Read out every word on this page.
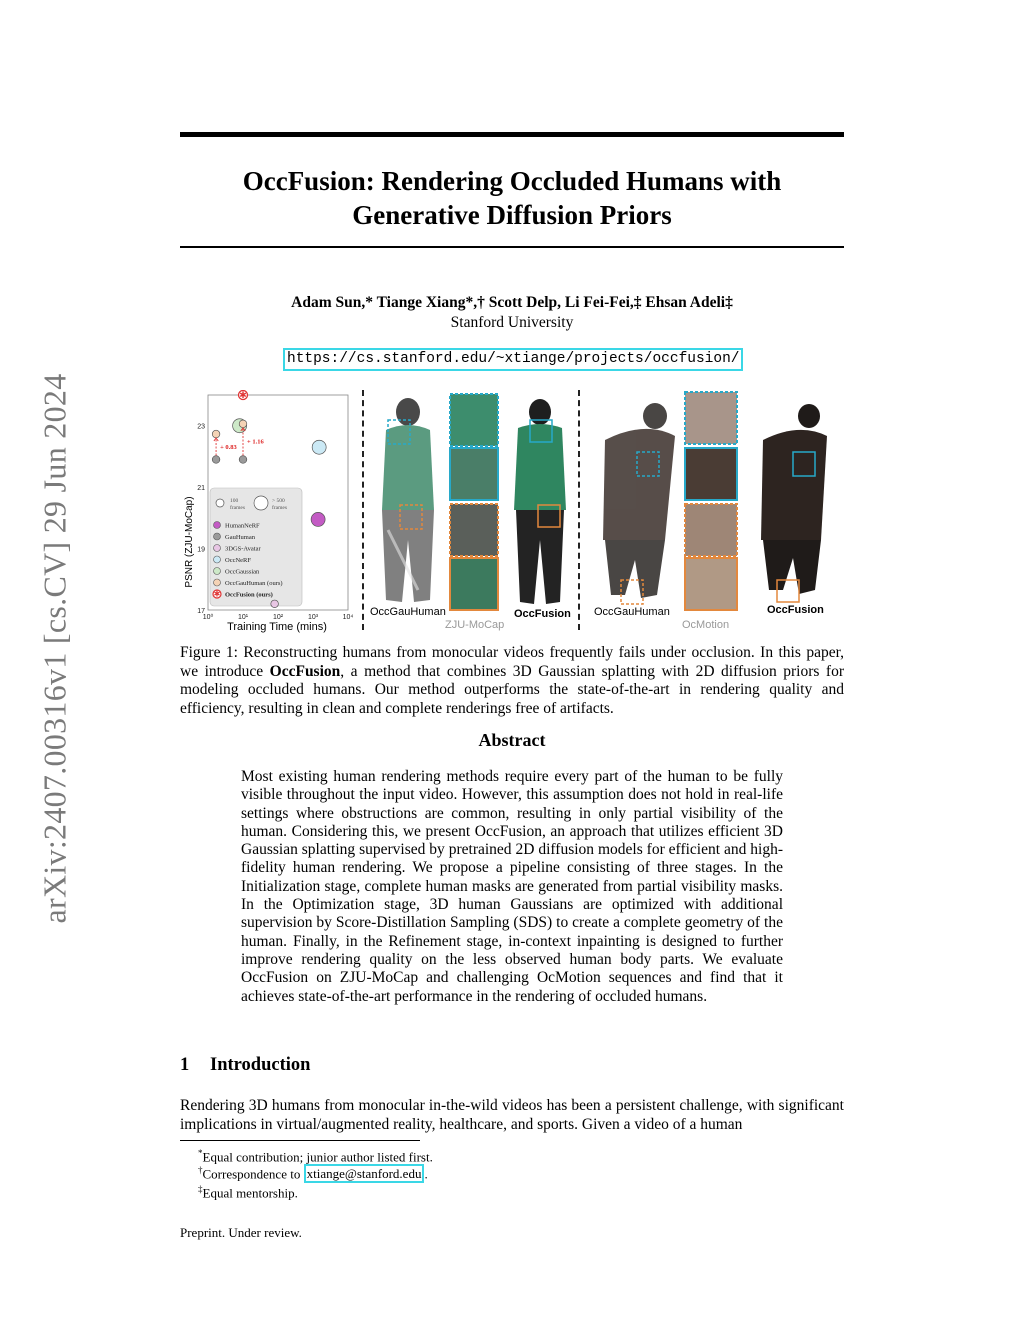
arXiv:2407.00316v1 [cs.CV] 29 Jun 2024
OccFusion: Rendering Occluded Humans with
Generative Diffusion Priors
Adam Sun,* Tiange Xiang*,† Scott Delp, Li Fei-Fei,‡ Ehsan Adeli‡
Stanford University
https://cs.stanford.edu/~xtiange/projects/occfusion/
PSNR (ZJU-MoCap)
Training Time (mins)
10⁰	10¹	10²	10³	10⁴
17
19
21
23
100
frames
> 500
frames
HumanNeRF
GauHuman
3DGS-Avatar
OccNeRF
OccGaussian
OccGauHuman (ours)
✱ OccFusion (ours)
✱
+ 0.83
+ 1.16
OccGauHuman	OccFusion
ZJU-MoCap
OccGauHuman	OccFusion
OcMotion
Figure 1: Reconstructing humans from monocular videos frequently fails under occlusion. In this paper, we introduce OccFusion, a method that combines 3D Gaussian splatting with 2D diffusion priors for modeling occluded humans. Our method outperforms the state-of-the-art in rendering quality and efficiency, resulting in clean and complete renderings free of artifacts.
Abstract
Most existing human rendering methods require every part of the human to be fully visible throughout the input video. However, this assumption does not hold in real-life settings where obstructions are common, resulting in only partial visibility of the human. Considering this, we present OccFusion, an approach that utilizes efficient 3D Gaussian splatting supervised by pretrained 2D diffusion models for efficient and high-fidelity human rendering. We propose a pipeline consisting of three stages. In the Initialization stage, complete human masks are generated from partial visibility masks. In the Optimization stage, 3D human Gaussians are optimized with additional supervision by Score-Distillation Sampling (SDS) to create a complete geometry of the human. Finally, in the Refinement stage, in-context inpainting is designed to further improve rendering quality on the less observed human body parts. We evaluate OccFusion on ZJU-MoCap and challenging OcMotion sequences and find that it achieves state-of-the-art performance in the rendering of occluded humans.
1 Introduction
Rendering 3D humans from monocular in-the-wild videos has been a persistent challenge, with significant implications in virtual/augmented reality, healthcare, and sports. Given a video of a human
*Equal contribution; junior author listed first.
†Correspondence to xtiange@stanford.edu .
‡Equal mentorship.
Preprint. Under review.
